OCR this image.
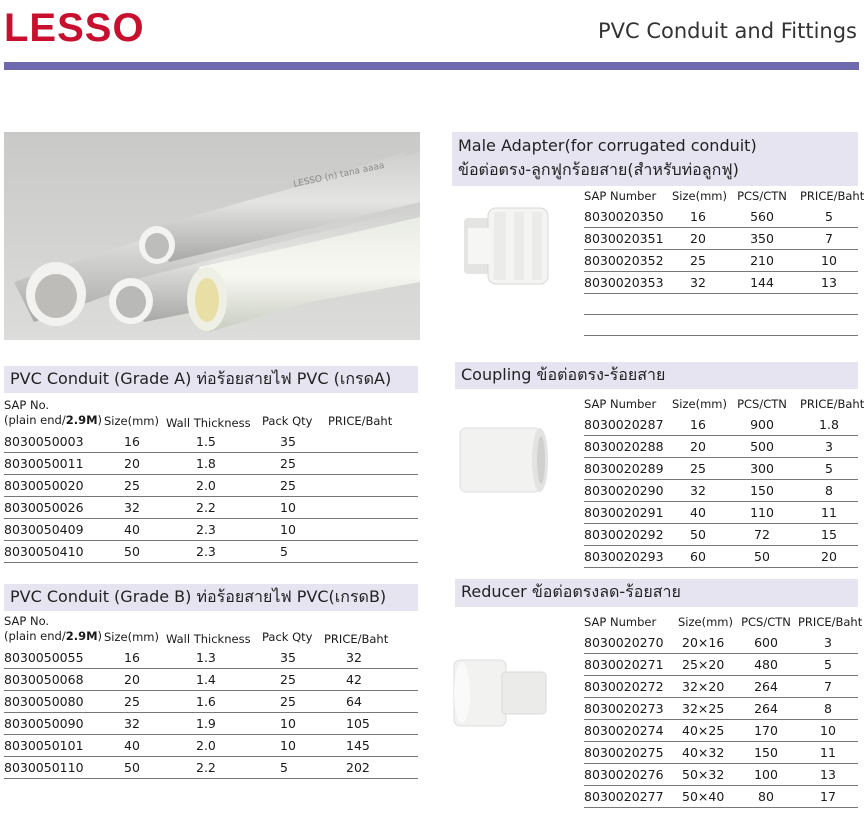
LESSO	PVC Conduit and Fittings
LESSO (n) tana aaaa
PVC Conduit (Grade A) ท่อร้อยสายไฟ PVC (เกรดA)
SAP No.
(plain end/2.9M)	Size(mm)	Wall Thickness	Pack Qty	PRICE/Baht
8030050003	16	1.5	35	
8030050011	20	1.8	25	
8030050020	25	2.0	25	
8030050026	32	2.2	10	
8030050409	40	2.3	10	
8030050410	50	2.3	5	
PVC Conduit (Grade B) ท่อร้อยสายไฟ PVC(เกรดB)
SAP No.
(plain end/2.9M)	Size(mm)	Wall Thickness	Pack Qty	PRICE/Baht
8030050055	16	1.3	35	32
8030050068	20	1.4	25	42
8030050080	25	1.6	25	64
8030050090	32	1.9	10	105
8030050101	40	2.0	10	145
8030050110	50	2.2	5	202
Male Adapter(for corrugated conduit)
ข้อต่อตรง-ลูกฟูกร้อยสาย(สำหรับท่อลูกฟู)
SAP Number	Size(mm)	PCS/CTN	PRICE/Baht
8030020350	16	560	5
8030020351	20	350	7
8030020352	25	210	10
8030020353	32	144	13

Coupling ข้อต่อตรง-ร้อยสาย
SAP Number	Size(mm)	PCS/CTN	PRICE/Baht
8030020287	16	900	1.8
8030020288	20	500	3
8030020289	25	300	5
8030020290	32	150	8
8030020291	40	110	11
8030020292	50	72	15
8030020293	60	50	20
Reducer ข้อต่อตรงลด-ร้อยสาย
SAP Number	Size(mm)	PCS/CTN	PRICE/Baht
8030020270	20×16	600	3
8030020271	25×20	480	5
8030020272	32×20	264	7
8030020273	32×25	264	8
8030020274	40×25	170	10
8030020275	40×32	150	11
8030020276	50×32	100	13
8030020277	50×40	80	17
